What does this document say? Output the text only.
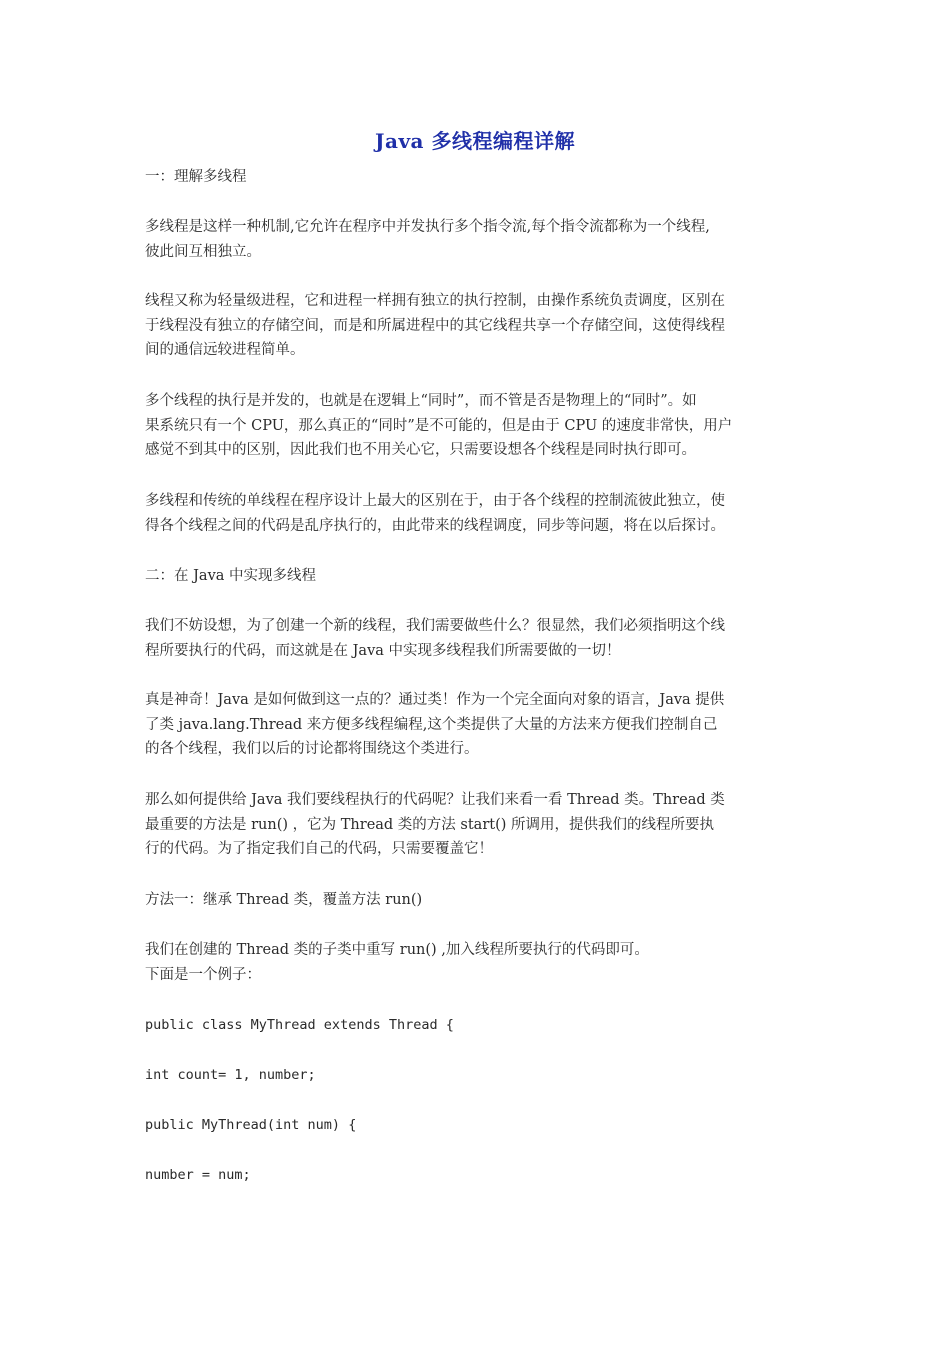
Java 多线程编程详解
一：理解多线程
多线程是这样一种机制,它允许在程序中并发执行多个指令流,每个指令流都称为一个线程,
彼此间互相独立。
线程又称为轻量级进程，它和进程一样拥有独立的执行控制，由操作系统负责调度，区别在
于线程没有独立的存储空间，而是和所属进程中的其它线程共享一个存储空间，这使得线程
间的通信远较进程简单。
多个线程的执行是并发的，也就是在逻辑上“同时”，而不管是否是物理上的“同时”。如
果系统只有一个 CPU，那么真正的“同时”是不可能的，但是由于 CPU 的速度非常快，用户
感觉不到其中的区别，因此我们也不用关心它，只需要设想各个线程是同时执行即可。
多线程和传统的单线程在程序设计上最大的区别在于，由于各个线程的控制流彼此独立，使
得各个线程之间的代码是乱序执行的，由此带来的线程调度，同步等问题，将在以后探讨。
二：在 Java 中实现多线程
我们不妨设想，为了创建一个新的线程，我们需要做些什么？很显然，我们必须指明这个线
程所要执行的代码，而这就是在 Java 中实现多线程我们所需要做的一切！
真是神奇！Java 是如何做到这一点的？通过类！作为一个完全面向对象的语言，Java 提供
了类 java.lang.Thread 来方便多线程编程,这个类提供了大量的方法来方便我们控制自己
的各个线程，我们以后的讨论都将围绕这个类进行。
那么如何提供给 Java 我们要线程执行的代码呢？让我们来看一看 Thread 类。Thread 类
最重要的方法是 run() ，它为 Thread 类的方法 start() 所调用，提供我们的线程所要执
行的代码。为了指定我们自己的代码，只需要覆盖它！
方法一：继承 Thread 类，覆盖方法 run()
我们在创建的 Thread 类的子类中重写 run() ,加入线程所要执行的代码即可。
下面是一个例子：
public class MyThread extends Thread {
int count= 1, number;
public MyThread(int num) {
number = num;
